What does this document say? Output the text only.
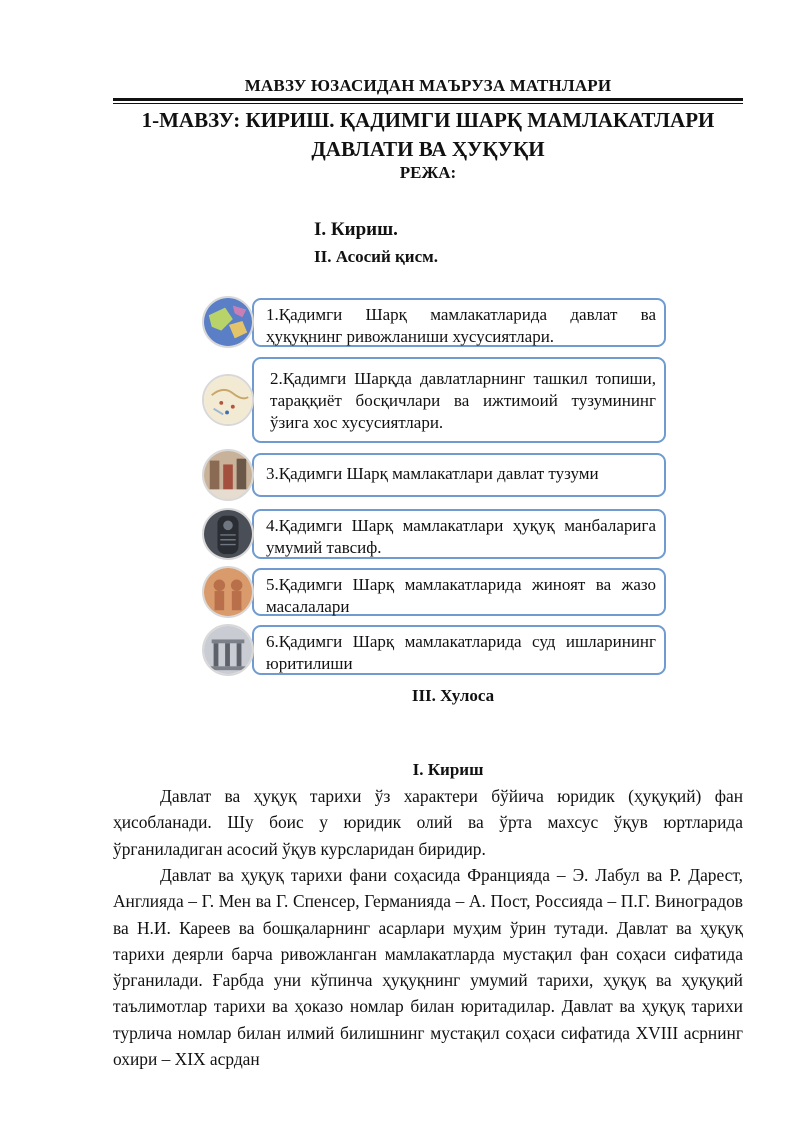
МАВЗУ ЮЗАСИДАН МАЪРУЗА МАТНЛАРИ
1-МАВЗУ: КИРИШ. ҚАДИМГИ ШАРҚ МАМЛАКАТЛАРИ
ДАВЛАТИ ВА ҲУҚУҚИ
РЕЖА:
I. Кириш.
II. Асосий қисм.
1.Қадимги Шарқ мамлакатларида давлат ва ҳуқуқнинг ривожланиши хусусиятлари.
2.Қадимги Шарқда давлатларнинг ташкил топиши, тараққиёт босқичлари ва ижтимоий тузумининг ўзига хос хусусиятлари.
3.Қадимги Шарқ мамлакатлари давлат тузуми
4.Қадимги Шарқ мамлакатлари ҳуқуқ манбаларига умумий тавсиф.
5.Қадимги Шарқ мамлакатларида жиноят ва жазо масалалари
6.Қадимги Шарқ мамлакатларида суд ишларининг юритилиши
III. Хулоса
I. Кириш

Давлат ва ҳуқуқ тарихи ўз характери бўйича юридик (ҳуқуқий) фан ҳисобланади. Шу боис у юридик олий ва ўрта махсус ўқув юртларида ўрганиладиган асосий ўқув курсларидан биридир.

Давлат ва ҳуқуқ тарихи фани соҳасида Францияда – Э. Лабул ва Р. Дарест, Англияда – Г. Мен ва Г. Спенсер, Германияда – А. Пост, Россияда – П.Г. Виноградов ва Н.И. Кареев ва бошқаларнинг асарлари муҳим ўрин тутади. Давлат ва ҳуқуқ тарихи деярли барча ривожланган мамлакатларда мустақил фан соҳаси сифатида ўрганилади. Ғарбда уни кўпинча ҳуқуқнинг умумий тарихи, ҳуқуқ ва ҳуқуқий таълимотлар тарихи ва ҳоказо номлар билан юритадилар. Давлат ва ҳуқуқ тарихи турлича номлар билан илмий билишнинг мустақил соҳаси сифатида XVIII асрнинг охири – XIX асрдан
